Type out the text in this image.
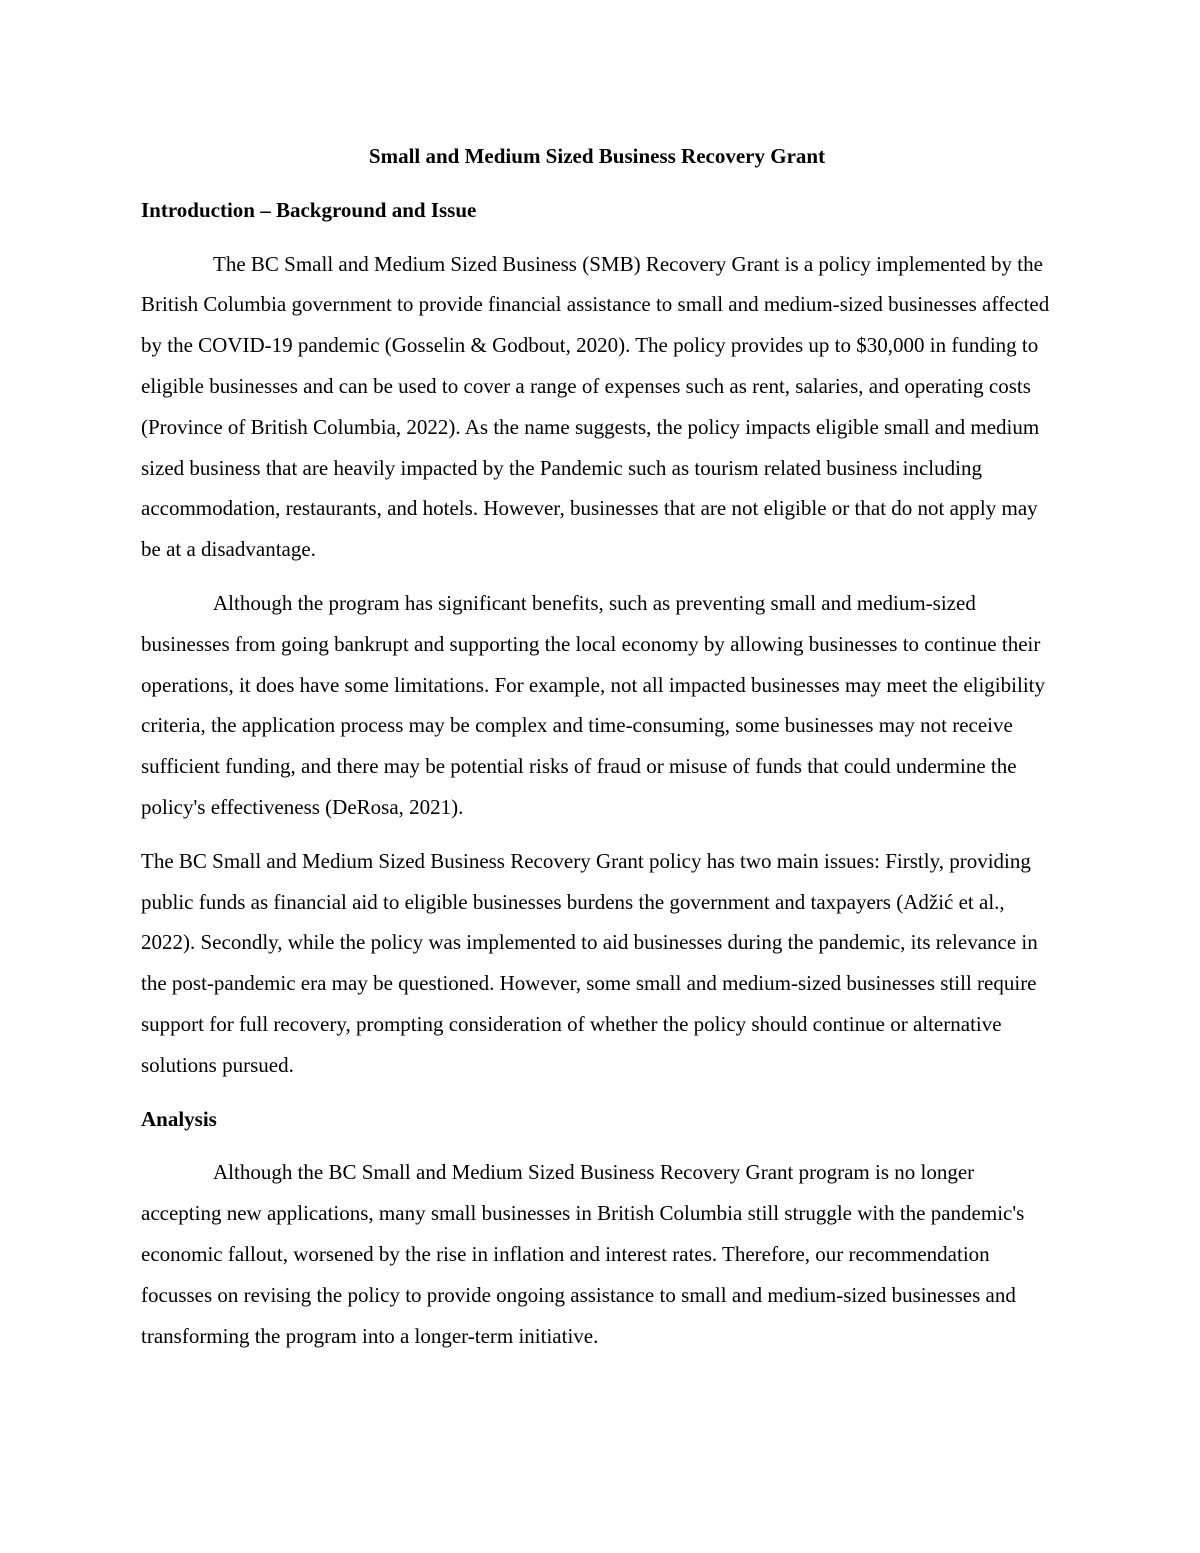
Small and Medium Sized Business Recovery Grant
Introduction – Background and Issue

The BC Small and Medium Sized Business (SMB) Recovery Grant is a policy implemented by the British Columbia government to provide financial assistance to small and medium-sized businesses affected by the COVID-19 pandemic (Gosselin & Godbout, 2020). The policy provides up to $30,000 in funding to eligible businesses and can be used to cover a range of expenses such as rent, salaries, and operating costs (Province of British Columbia, 2022). As the name suggests, the policy impacts eligible small and medium sized business that are heavily impacted by the Pandemic such as tourism related business including accommodation, restaurants, and hotels. However, businesses that are not eligible or that do not apply may be at a disadvantage.

Although the program has significant benefits, such as preventing small and medium-sized businesses from going bankrupt and supporting the local economy by allowing businesses to continue their operations, it does have some limitations. For example, not all impacted businesses may meet the eligibility criteria, the application process may be complex and time-consuming, some businesses may not receive sufficient funding, and there may be potential risks of fraud or misuse of funds that could undermine the policy's effectiveness (DeRosa, 2021).

The BC Small and Medium Sized Business Recovery Grant policy has two main issues: Firstly, providing public funds as financial aid to eligible businesses burdens the government and taxpayers (Adžić et al., 2022). Secondly, while the policy was implemented to aid businesses during the pandemic, its relevance in the post-pandemic era may be questioned. However, some small and medium-sized businesses still require support for full recovery, prompting consideration of whether the policy should continue or alternative solutions pursued.

Analysis

Although the BC Small and Medium Sized Business Recovery Grant program is no longer accepting new applications, many small businesses in British Columbia still struggle with the pandemic's economic fallout, worsened by the rise in inflation and interest rates. Therefore, our recommendation focusses on revising the policy to provide ongoing assistance to small and medium-sized businesses and transforming the program into a longer-term initiative.
